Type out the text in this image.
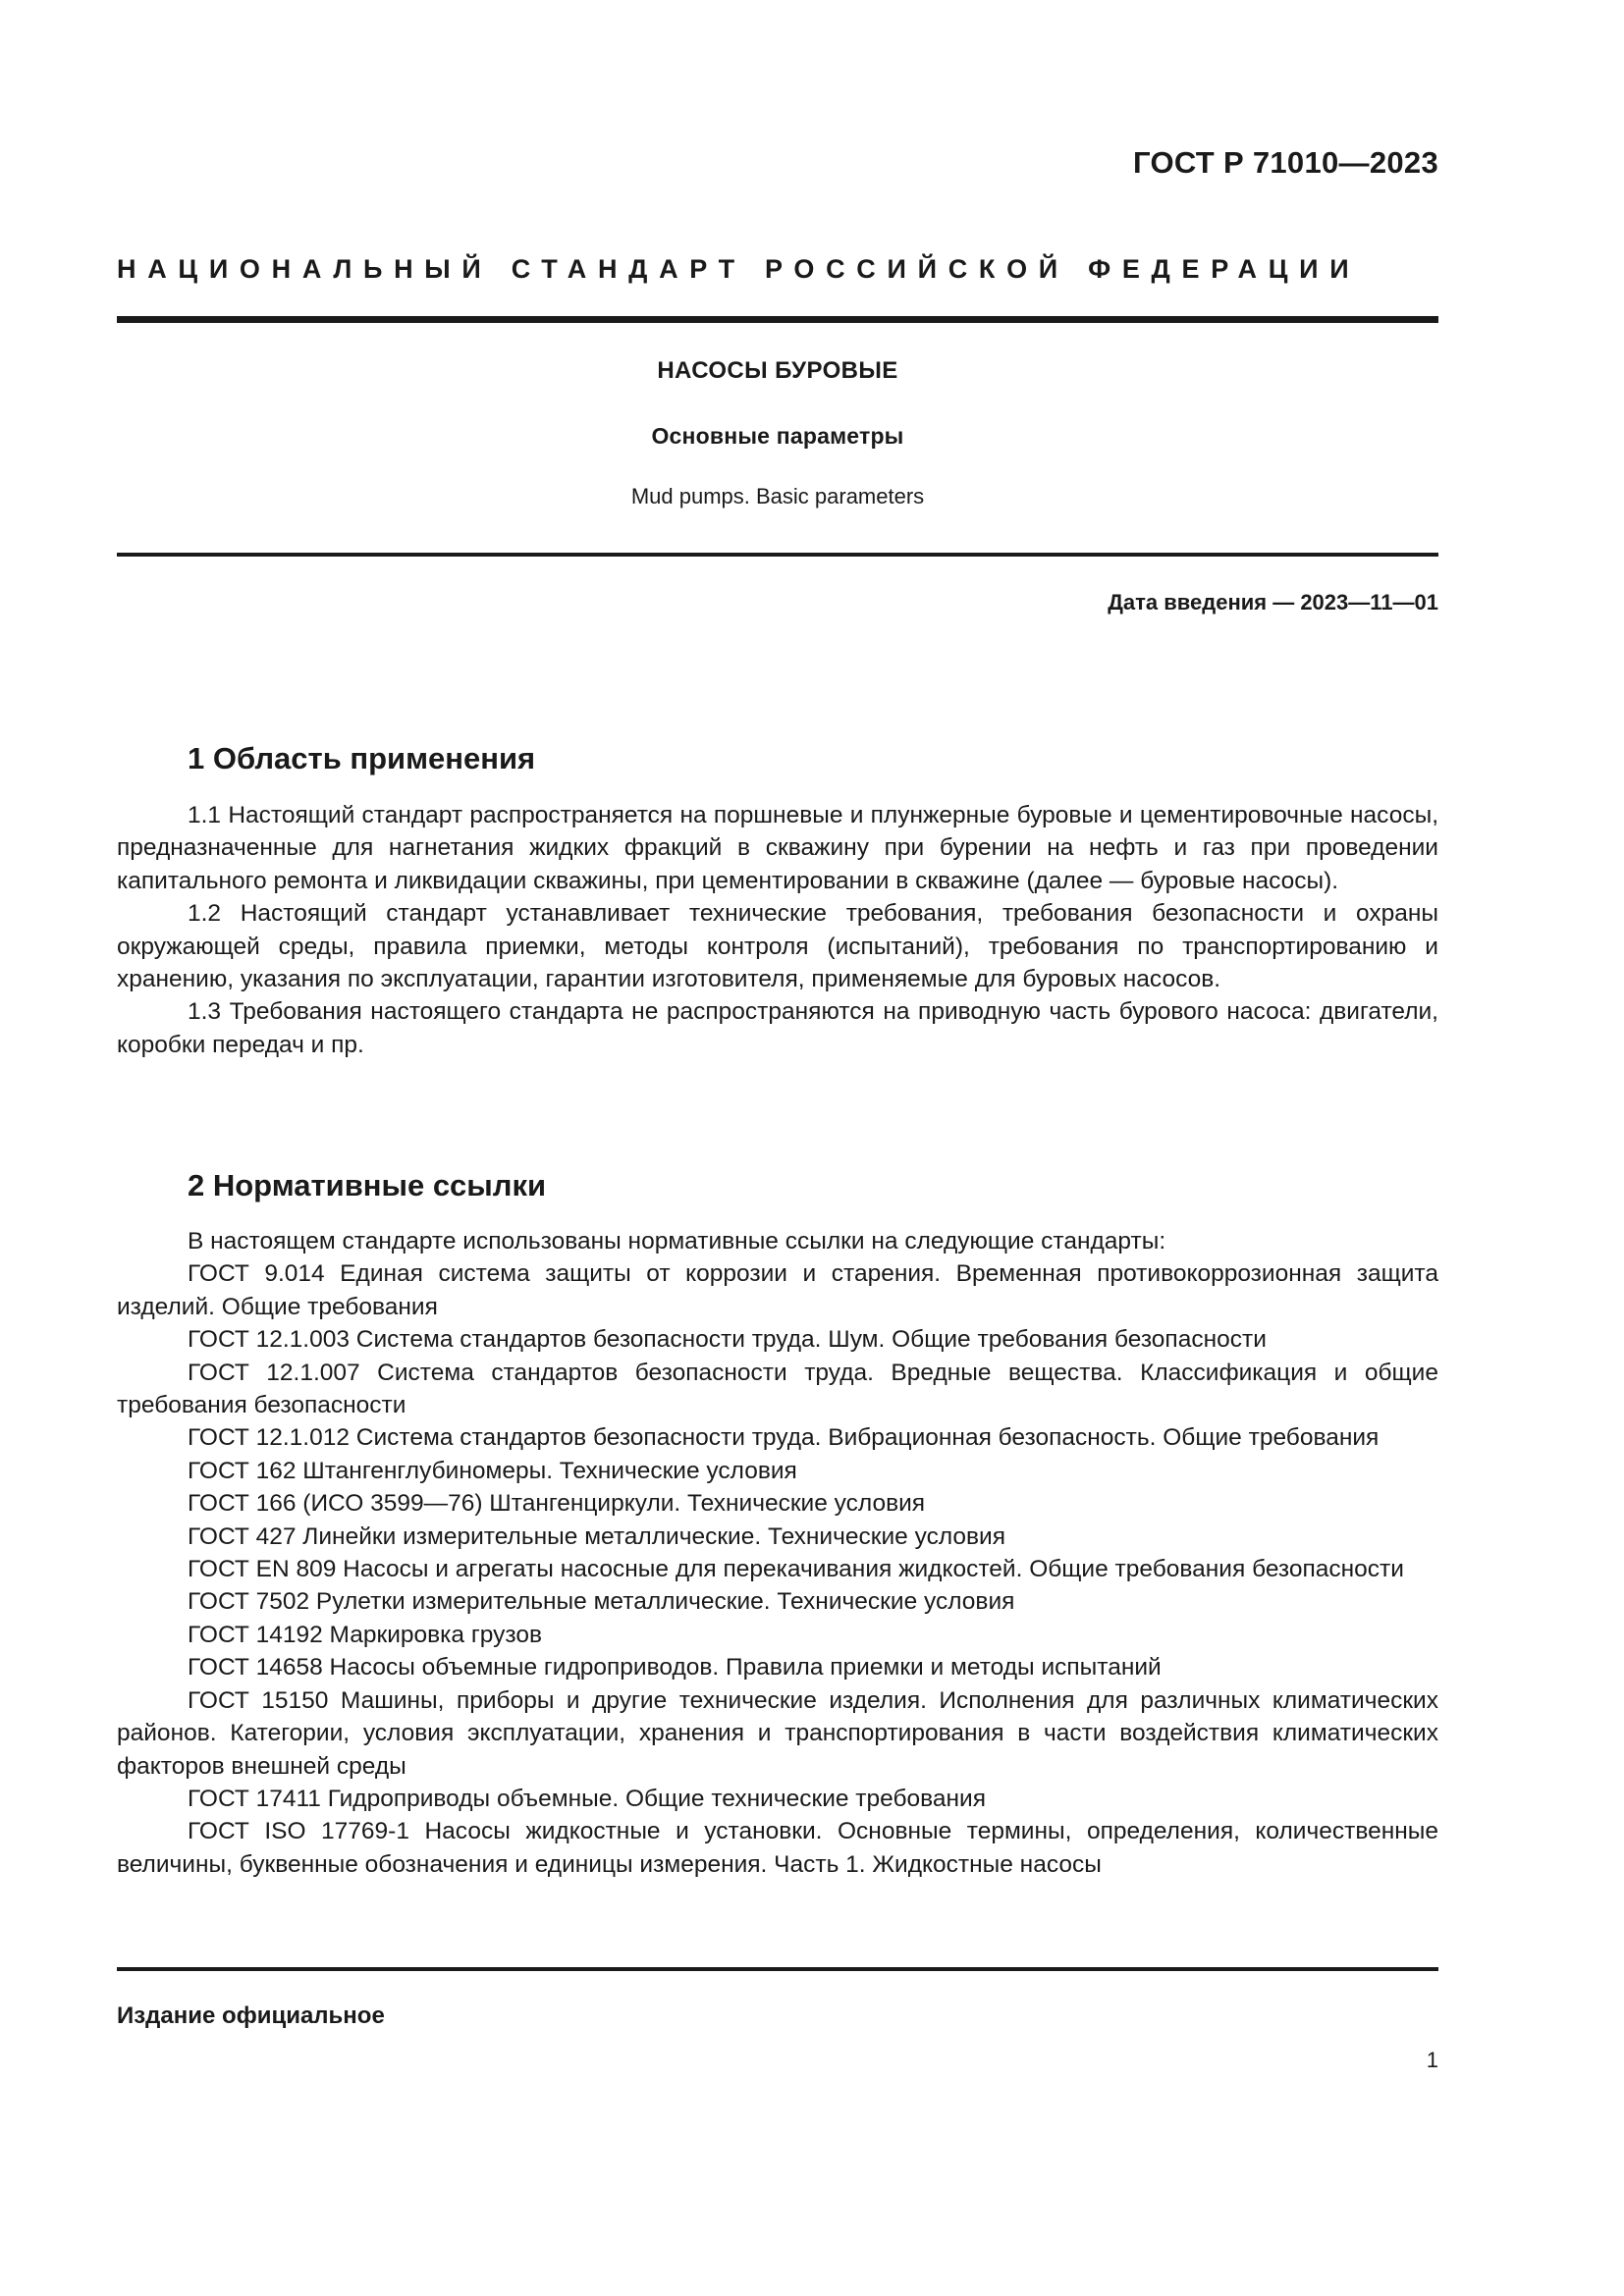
ГОСТ Р 71010—2023
НАЦИОНАЛЬНЫЙ СТАНДАРТ РОССИЙСКОЙ ФЕДЕРАЦИИ
НАСОСЫ БУРОВЫЕ
Основные параметры
Mud pumps. Basic parameters
Дата введения — 2023—11—01
1 Область применения

1.1 Настоящий стандарт распространяется на поршневые и плунжерные буровые и цементировочные насосы, предназначенные для нагнетания жидких фракций в скважину при бурении на нефть и газ при проведении капитального ремонта и ликвидации скважины, при цементировании в скважине (далее — буровые насосы).

1.2 Настоящий стандарт устанавливает технические требования, требования безопасности и охраны окружающей среды, правила приемки, методы контроля (испытаний), требования по транспортированию и хранению, указания по эксплуатации, гарантии изготовителя, применяемые для буровых насосов.

1.3 Требования настоящего стандарта не распространяются на приводную часть бурового насоса: двигатели, коробки передач и пр.

2 Нормативные ссылки

В настоящем стандарте использованы нормативные ссылки на следующие стандарты:

ГОСТ 9.014 Единая система защиты от коррозии и старения. Временная противокоррозионная защита изделий. Общие требования

ГОСТ 12.1.003 Система стандартов безопасности труда. Шум. Общие требования безопасности

ГОСТ 12.1.007 Система стандартов безопасности труда. Вредные вещества. Классификация и общие требования безопасности

ГОСТ 12.1.012 Система стандартов безопасности труда. Вибрационная безопасность. Общие требования

ГОСТ 162 Штангенглубиномеры. Технические условия

ГОСТ 166 (ИСО 3599—76) Штангенциркули. Технические условия

ГОСТ 427 Линейки измерительные металлические. Технические условия

ГОСТ EN 809 Насосы и агрегаты насосные для перекачивания жидкостей. Общие требования безопасности

ГОСТ 7502 Рулетки измерительные металлические. Технические условия

ГОСТ 14192 Маркировка грузов

ГОСТ 14658 Насосы объемные гидроприводов. Правила приемки и методы испытаний

ГОСТ 15150 Машины, приборы и другие технические изделия. Исполнения для различных климатических районов. Категории, условия эксплуатации, хранения и транспортирования в части воздействия климатических факторов внешней среды

ГОСТ 17411 Гидроприводы объемные. Общие технические требования

ГОСТ ISO 17769-1 Насосы жидкостные и установки. Основные термины, определения, количественные величины, буквенные обозначения и единицы измерения. Часть 1. Жидкостные насосы

Издание официальное
1
